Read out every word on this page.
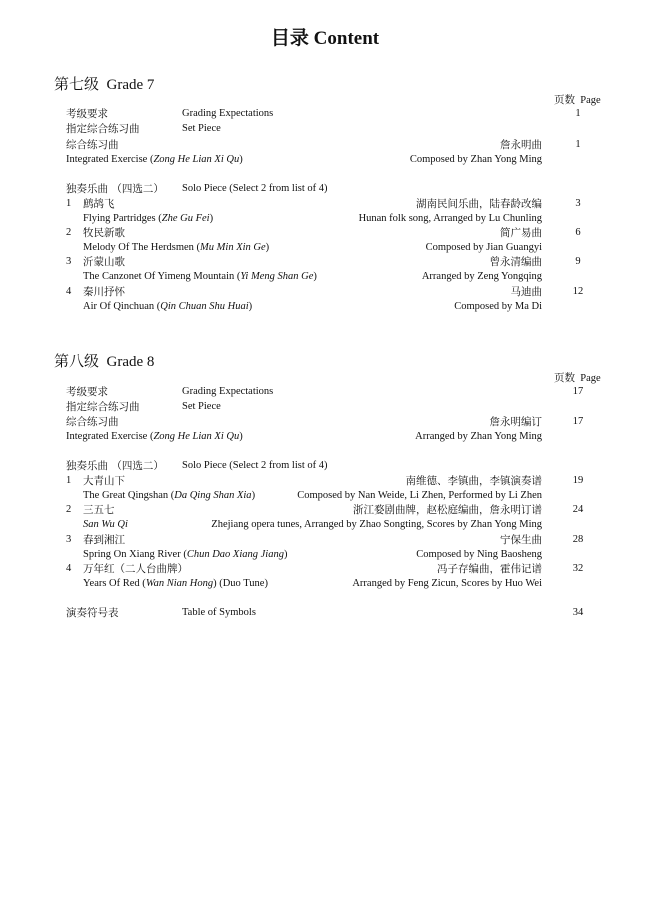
目录 Content
第七级 Grade 7
页数 Page
考级要求	Grading Expectations	1
指定综合练习曲	Set Piece
综合练习曲	詹永明曲	1
Integrated Exercise (Zong He Lian Xi Qu)	Composed by Zhan Yong Ming
独奏乐曲 （四选二） Solo Piece (Select 2 from list of 4)
1 鹧鸪飞	湖南民间乐曲，陆春龄改编	3
Flying Partridges (Zhe Gu Fei)	Hunan folk song, Arranged by Lu Chunling
2 牧民新歌	简广易曲	6
Melody Of The Herdsmen (Mu Min Xin Ge)	Composed by Jian Guangyi
3 沂蒙山歌	曾永清编曲	9
The Canzonet Of Yimeng Mountain (Yi Meng Shan Ge)	Arranged by Zeng Yongqing
4 秦川抒怀	马迪曲	12
Air Of Qinchuan (Qin Chuan Shu Huai)	Composed by Ma Di
第八级 Grade 8
页数 Page
考级要求	Grading Expectations	17
指定综合练习曲	Set Piece
综合练习曲	詹永明编订	17
Integrated Exercise (Zong He Lian Xi Qu)	Arranged by Zhan Yong Ming
独奏乐曲 （四选二） Solo Piece (Select 2 from list of 4)
1 大青山下	南维德、李镇曲，李镇演奏谱	19
The Great Qingshan (Da Qing Shan Xia)	Composed by Nan Weide, Li Zhen, Performed by Li Zhen
2 三五七	浙江婺剧曲牌，赵松庭编曲，詹永明订谱	24
San Wu Qi	Zhejiang opera tunes, Arranged by Zhao Songting, Scores by Zhan Yong Ming
3 春到湘江	宁保生曲	28
Spring On Xiang River (Chun Dao Xiang Jiang)	Composed by Ning Baosheng
4 万年红（二人台曲牌）	冯子存编曲，霍伟记谱	32
Years Of Red (Wan Nian Hong) (Duo Tune)	Arranged by Feng Zicun, Scores by Huo Wei
演奏符号表	Table of Symbols	34
